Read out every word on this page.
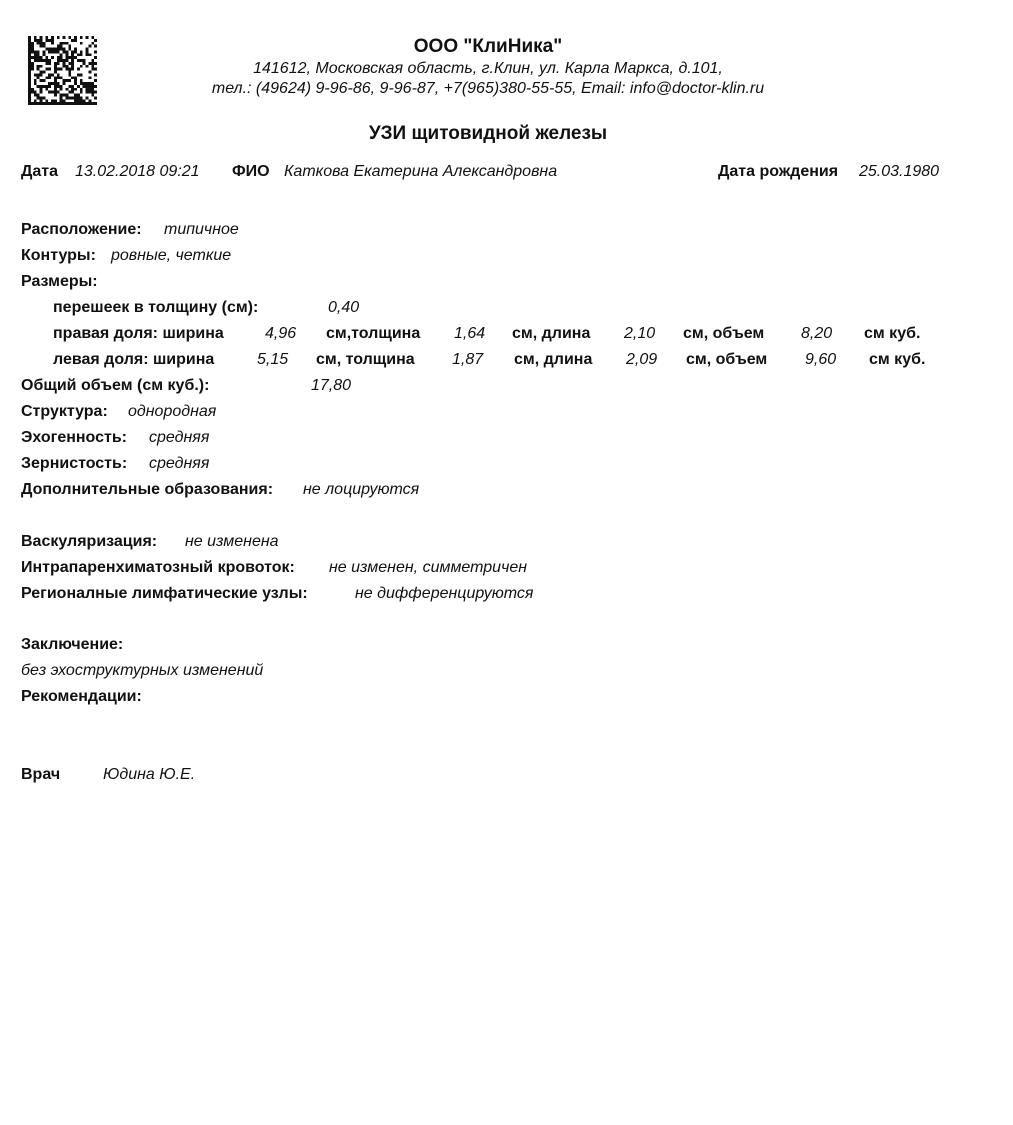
ООО "КлиНика"
141612, Московская область, г.Клин, ул. Карла Маркса, д.101,
тел.: (49624) 9-96-86, 9-96-87, +7(965)380-55-55, Email: info@doctor-klin.ru
УЗИ щитовидной железы
Дата 13.02.2018 09:21 ФИО Каткова Екатерина Александровна	Дата рождения 25.03.1980
Расположение: типичное
Контуры: ровные, четкие
Размеры:
перешеек в толщину (см):	0,40
правая доля: ширина	4,96 см,толщина 1,64 см, длина 2,10 см, объем 8,20 см куб.
левая доля: ширина	5,15 см, толщина 1,87 см, длина 2,09 см, объем 9,60 см куб.
Общий объем (см куб.):	17,80
Структура: однородная
Эхогенность: средняя
Зернистость: средняя
Дополнительные образования: не лоцируются
Васкуляризация: не изменена
Интрапаренхиматозный кровоток: не изменен, симметричен
Регионалные лимфатические узлы:	не дифференцируются
Заключение:
без эхоструктурных изменений
Рекомендации:
Врач	Юдина Ю.Е.
